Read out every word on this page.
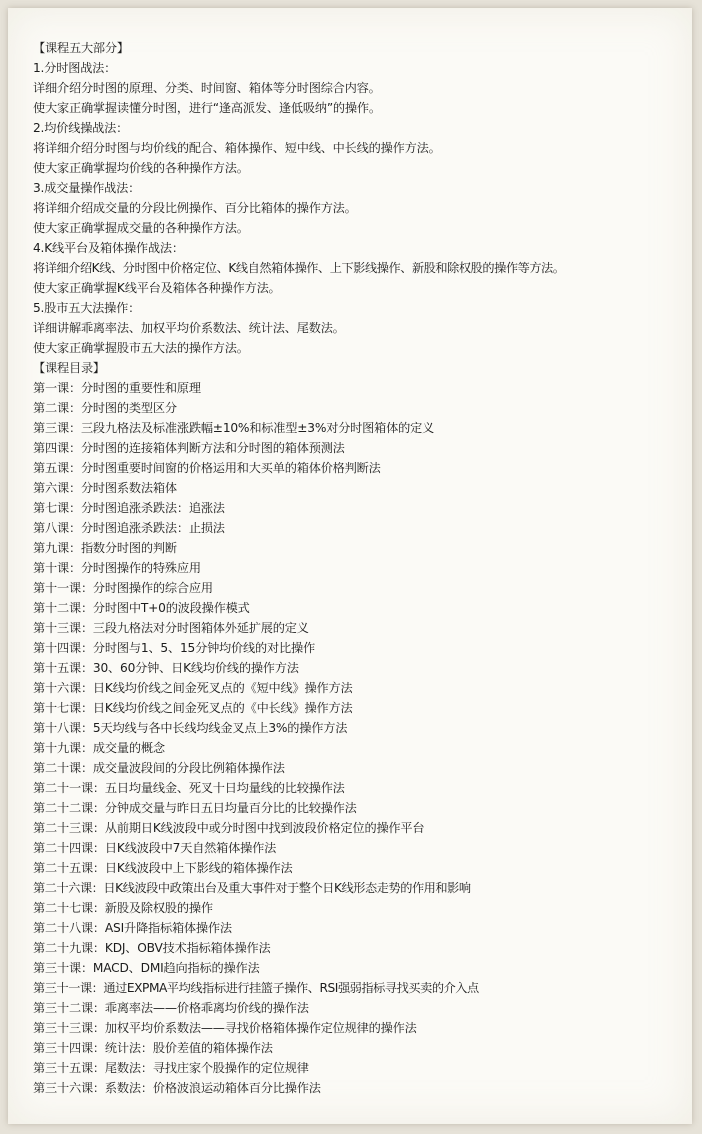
【课程五大部分】
1.分时图战法：
详细介绍分时图的原理、分类、时间窗、箱体等分时图综合内容。
使大家正确掌握读懂分时图，进行“逢高派发、逢低吸纳”的操作。
2.均价线操战法：
将详细介绍分时图与均价线的配合、箱体操作、短中线、中长线的操作方法。
使大家正确掌握均价线的各种操作方法。
3.成交量操作战法：
将详细介绍成交量的分段比例操作、百分比箱体的操作方法。
使大家正确掌握成交量的各种操作方法。
4.K线平台及箱体操作战法：
将详细介绍K线、分时图中价格定位、K线自然箱体操作、上下影线操作、新股和除权股的操作等方法。
使大家正确掌握K线平台及箱体各种操作方法。
5.股市五大法操作：
详细讲解乖离率法、加权平均价系数法、统计法、尾数法。
使大家正确掌握股市五大法的操作方法。
【课程目录】
第一课：分时图的重要性和原理
第二课：分时图的类型区分
第三课：三段九格法及标准涨跌幅±10%和标准型±3%对分时图箱体的定义
第四课：分时图的连接箱体判断方法和分时图的箱体预测法
第五课：分时图重要时间窗的价格运用和大买单的箱体价格判断法
第六课：分时图系数法箱体
第七课：分时图追涨杀跌法：追涨法
第八课：分时图追涨杀跌法：止损法
第九课：指数分时图的判断
第十课：分时图操作的特殊应用
第十一课：分时图操作的综合应用
第十二课：分时图中T+0的波段操作模式
第十三课：三段九格法对分时图箱体外延扩展的定义
第十四课：分时图与1、5、15分钟均价线的对比操作
第十五课：30、60分钟、日K线均价线的操作方法
第十六课：日K线均价线之间金死叉点的《短中线》操作方法
第十七课：日K线均价线之间金死叉点的《中长线》操作方法
第十八课：5天均线与各中长线均线金叉点上3%的操作方法
第十九课：成交量的概念
第二十课：成交量波段间的分段比例箱体操作法
第二十一课：五日均量线金、死叉十日均量线的比较操作法
第二十二课：分钟成交量与昨日五日均量百分比的比较操作法
第二十三课：从前期日K线波段中或分时图中找到波段价格定位的操作平台
第二十四课：日K线波段中7天自然箱体操作法
第二十五课：日K线波段中上下影线的箱体操作法
第二十六课：日K线波段中政策出台及重大事件对于整个日K线形态走势的作用和影响
第二十七课：新股及除权股的操作
第二十八课：ASI升降指标箱体操作法
第二十九课：KDJ、OBV技术指标箱体操作法
第三十课：MACD、DMI趋向指标的操作法
第三十一课：通过EXPMA平均线指标进行挂篮子操作、RSI强弱指标寻找买卖的介入点
第三十二课：乖离率法——价格乖离均价线的操作法
第三十三课：加权平均价系数法——寻找价格箱体操作定位规律的操作法
第三十四课：统计法：股价差值的箱体操作法
第三十五课：尾数法：寻找庄家个股操作的定位规律
第三十六课：系数法：价格波浪运动箱体百分比操作法
